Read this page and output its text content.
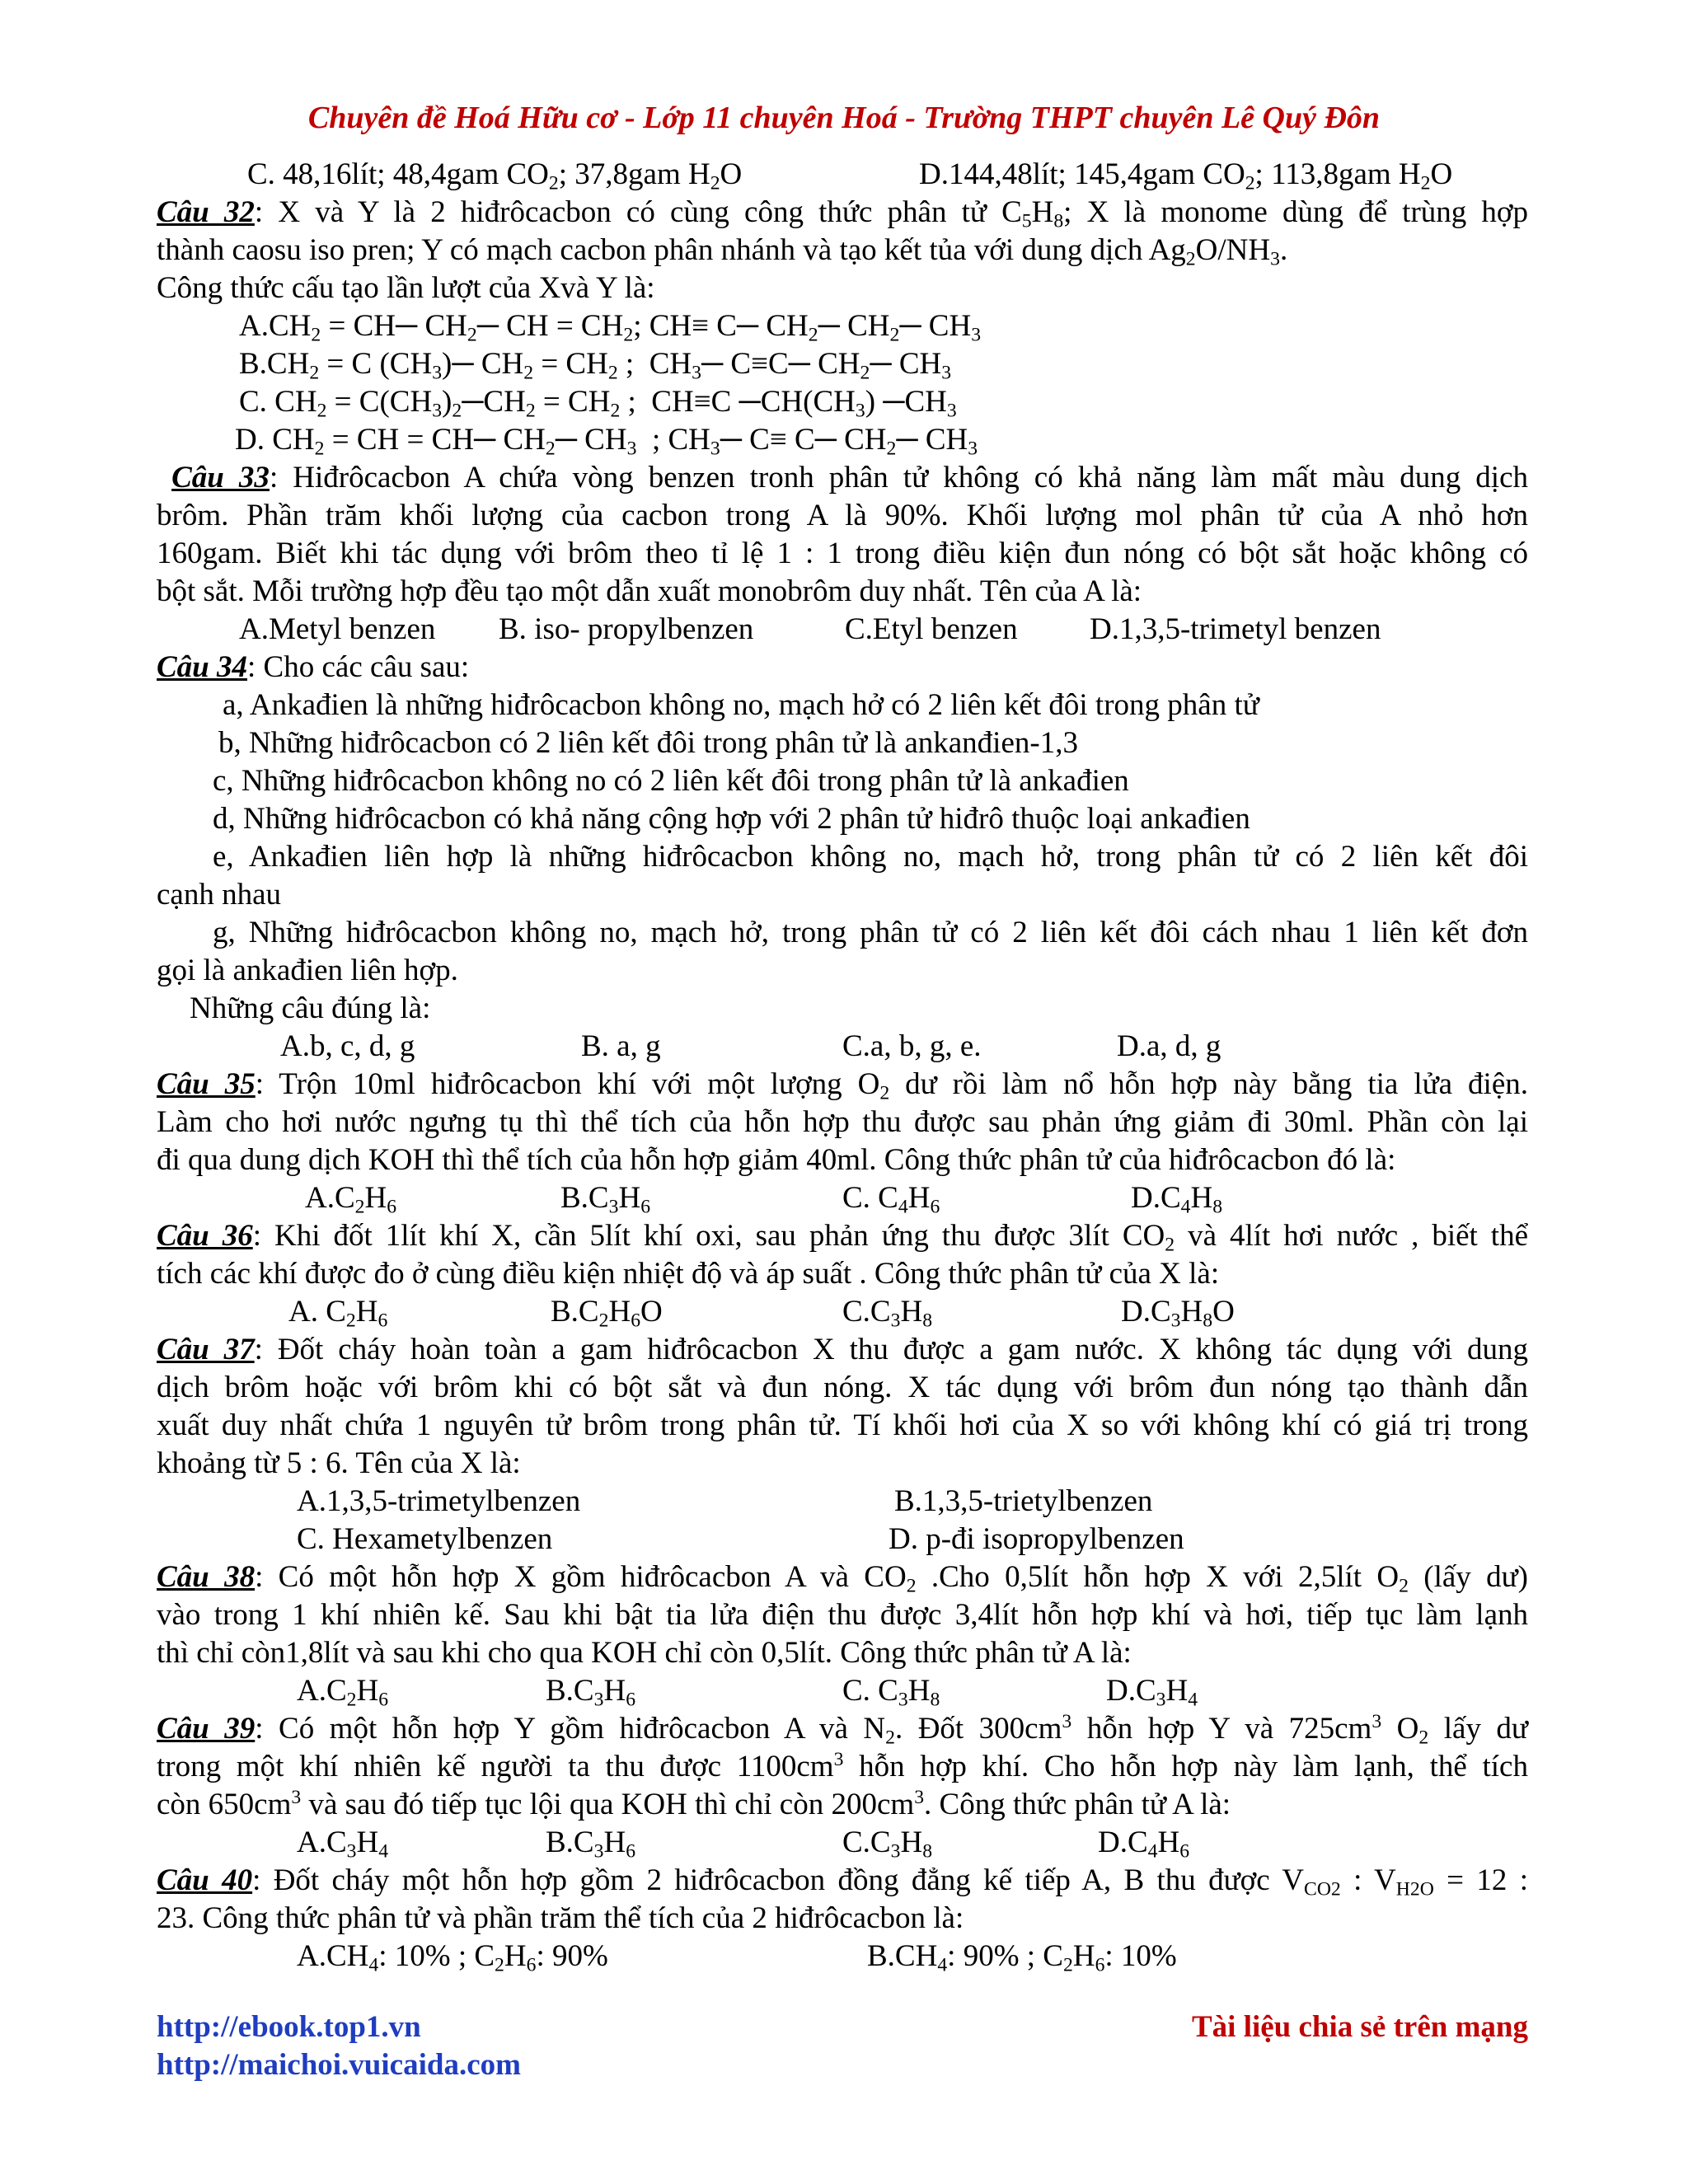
Chuyên đề Hoá Hữu cơ - Lớp 11 chuyên Hoá - Trường THPT chuyên Lê Quý Đôn
C. 48,16lít; 48,4gam $CO_2$; 37,8gam $H_2O$	D.144,48lít; 145,4gam $CO_2$; 113,8gam $H_2O$
Câu 32: X và Y là 2 hiđrôcacbon có cùng công thức phân tử $C_5H_8$; X là monome dùng để trùng hợp
thành caosu iso pren; Y có mạch cacbon phân nhánh và tạo kết tủa với dung dịch $Ag_2O/NH_3$.
Công thức cấu tạo lần lượt của Xvà Y là:
$A.CH_2$ = CH─ $CH_2─$ CH = $CH_2$; CH≡ C─ $CH_2─$ $CH_2─$ $CH_3$
$B.CH_2 = C$ $(CH_3)─$ $CH_2 = CH_2$ ;  $CH_3─$ C≡C─ $CH_2─$ $CH_3$
C. $CH_2$ = $C(CH_3)_2─CH_2 = CH_2$ ;  CH≡C $─CH(CH_3)$ $─CH_3$
D. $CH_2$ = CH = CH─ $CH_2─$ $CH_3$  ; $CH_3─$ C≡ C─ $CH_2─$ $CH_3$
Câu 33: Hiđrôcacbon A chứa vòng benzen tronh phân tử không có khả năng làm mất màu dung dịch
brôm. Phần trăm khối lượng của cacbon trong A là 90%. Khối lượng mol phân tử của A nhỏ hơn
160gam. Biết khi tác dụng với brôm theo tỉ lệ 1 : 1 trong điều kiện đun nóng có bột sắt hoặc không có
bột sắt. Mỗi trường hợp đều tạo một dẫn xuất monobrôm duy nhất. Tên của A là:
A.Metyl benzen B. iso- propylbenzen	C.Etyl benzen D.1,3,5-trimetyl benzen
Câu 34: Cho các câu sau:
a, Ankađien là những hiđrôcacbon không no, mạch hở có 2 liên kết đôi trong phân tử
b, Những hiđrôcacbon có 2 liên kết đôi trong phân tử là ankanđien-1,3
c, Những hiđrôcacbon không no có 2 liên kết đôi trong phân tử là ankađien
d, Những hiđrôcacbon có khả năng cộng hợp với 2 phân tử hiđrô thuộc loại ankađien
e, Ankađien liên hợp là những hiđrôcacbon không no, mạch hở, trong phân tử có 2 liên kết đôi
cạnh nhau
g, Những hiđrôcacbon không no, mạch hở, trong phân tử có 2 liên kết đôi cách nhau 1 liên kết đơn
gọi là ankađien liên hợp.
Những câu đúng là:
A.b, c, d, g	B. a, g	C.a, b, g, e.	D.a, d, g
Câu 35: Trộn 10ml hiđrôcacbon khí với một lượng $O_2$ dư rồi làm nổ hỗn hợp này bằng tia lửa điện.
Làm cho hơi nước ngưng tụ thì thể tích của hỗn hợp thu được sau phản ứng giảm đi 30ml. Phần còn lại
đi qua dung dịch KOH thì thể tích của hỗn hợp giảm 40ml. Công thức phân tử của hiđrôcacbon đó là:
$A.C_2H_6$	$B.C_3H_6$	C. $C_4H_6$	$D.C_4H_8$
Câu 36: Khi đốt 1lít khí X, cần 5lít khí oxi, sau phản ứng thu được 3lít $CO_2$ và 4lít hơi nước , biết thể
tích các khí được đo ở cùng điều kiện nhiệt độ và áp suất . Công thức phân tử của X là:
A. $C_2H_6$	$B.C_2H_6O$	$C.C_3H_8$	$D.C_3H_8O$
Câu 37: Đốt cháy hoàn toàn a gam hiđrôcacbon X thu được a gam nước. X không tác dụng với dung
dịch brôm hoặc với brôm khi có bột sắt và đun nóng. X tác dụng với brôm đun nóng tạo thành dẫn
xuất duy nhất chứa 1 nguyên tử brôm trong phân tử. Tí khối hơi của X so với không khí có giá trị trong
khoảng từ 5 : 6. Tên của X là:
A.1,3,5-trimetylbenzen	B.1,3,5-trietylbenzen
C. Hexametylbenzen	D. p-đi isopropylbenzen
Câu 38: Có một hỗn hợp X gồm hiđrôcacbon A và $CO_2$ .Cho 0,5lít hỗn hợp X với 2,5lít $O_2$ (lấy dư)
vào trong 1 khí nhiên kế. Sau khi bật tia lửa điện thu được 3,4lít hỗn hợp khí và hơi, tiếp tục làm lạnh
thì chỉ còn1,8lít và sau khi cho qua KOH chỉ còn 0,5lít. Công thức phân tử A là:
$A.C_2H_6$	$B.C_3H_6$	C. $C_3H_8$	$D.C_3H_4$
Câu 39: Có một hỗn hợp Y gồm hiđrôcacbon A và $N_2$. Đốt $300cm^3$ hỗn hợp Y và $725cm^3$ $O_2$ lấy dư
trong một khí nhiên kế người ta thu được $1100cm^3$ hỗn hợp khí. Cho hỗn hợp này làm lạnh, thể tích
còn $650cm^3$ và sau đó tiếp tục lội qua KOH thì chỉ còn $200cm^3$. Công thức phân tử A là:
$A.C_3H_4$	$B.C_3H_6$	$C.C_3H_8$	$D.C_4H_6$
Câu 40: Đốt cháy một hỗn hợp gồm 2 hiđrôcacbon đồng đẳng kế tiếp A, B thu được $V_{CO2}$ : $V_{H2O} = 12$ :
23. Công thức phân tử và phần trăm thể tích của 2 hiđrôcacbon là:
$A.CH_4$: 10% ; $C_2H_6$: 90%	$B.CH_4$: 90% ; $C_2H_6$: 10%
http://ebook.top1.vn
http://maichoi.vuicaida.com
Tài liệu chia sẻ trên mạng
